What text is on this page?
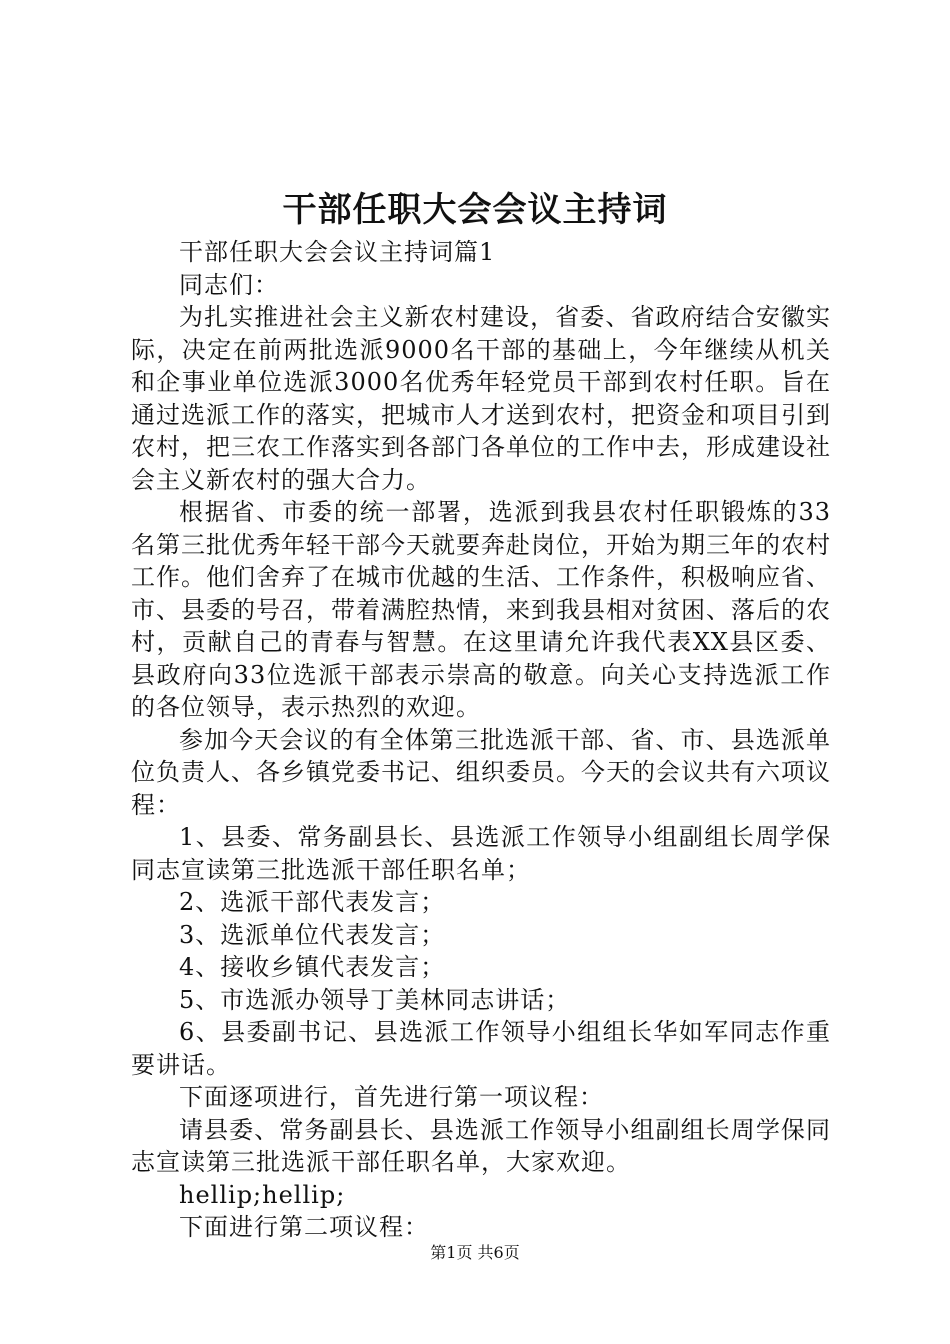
干部任职大会会议主持词

干部任职大会会议主持词篇1

同志们：

为扎实推进社会主义新农村建设，省委、省政府结合安徽实际，决定在前两批选派9000名干部的基础上，今年继续从机关和企事业单位选派3000名优秀年轻党员干部到农村任职。旨在通过选派工作的落实，把城市人才送到农村，把资金和项目引到农村，把三农工作落实到各部门各单位的工作中去，形成建设社会主义新农村的强大合力。

根据省、市委的统一部署，选派到我县农村任职锻炼的33名第三批优秀年轻干部今天就要奔赴岗位，开始为期三年的农村工作。他们舍弃了在城市优越的生活、工作条件，积极响应省、市、县委的号召，带着满腔热情，来到我县相对贫困、落后的农村，贡献自己的青春与智慧。在这里请允许我代表XX县区委、县政府向33位选派干部表示崇高的敬意。向关心支持选派工作的各位领导，表示热烈的欢迎。

参加今天会议的有全体第三批选派干部、省、市、县选派单位负责人、各乡镇党委书记、组织委员。今天的会议共有六项议程：

1、县委、常务副县长、县选派工作领导小组副组长周学保同志宣读第三批选派干部任职名单；

2、选派干部代表发言；

3、选派单位代表发言；

4、接收乡镇代表发言；

5、市选派办领导丁美林同志讲话；

6、县委副书记、县选派工作领导小组组长华如军同志作重要讲话。

下面逐项进行，首先进行第一项议程：

请县委、常务副县长、县选派工作领导小组副组长周学保同志宣读第三批选派干部任职名单，大家欢迎。

hellip;hellip;

下面进行第二项议程：

第1页 共6页
